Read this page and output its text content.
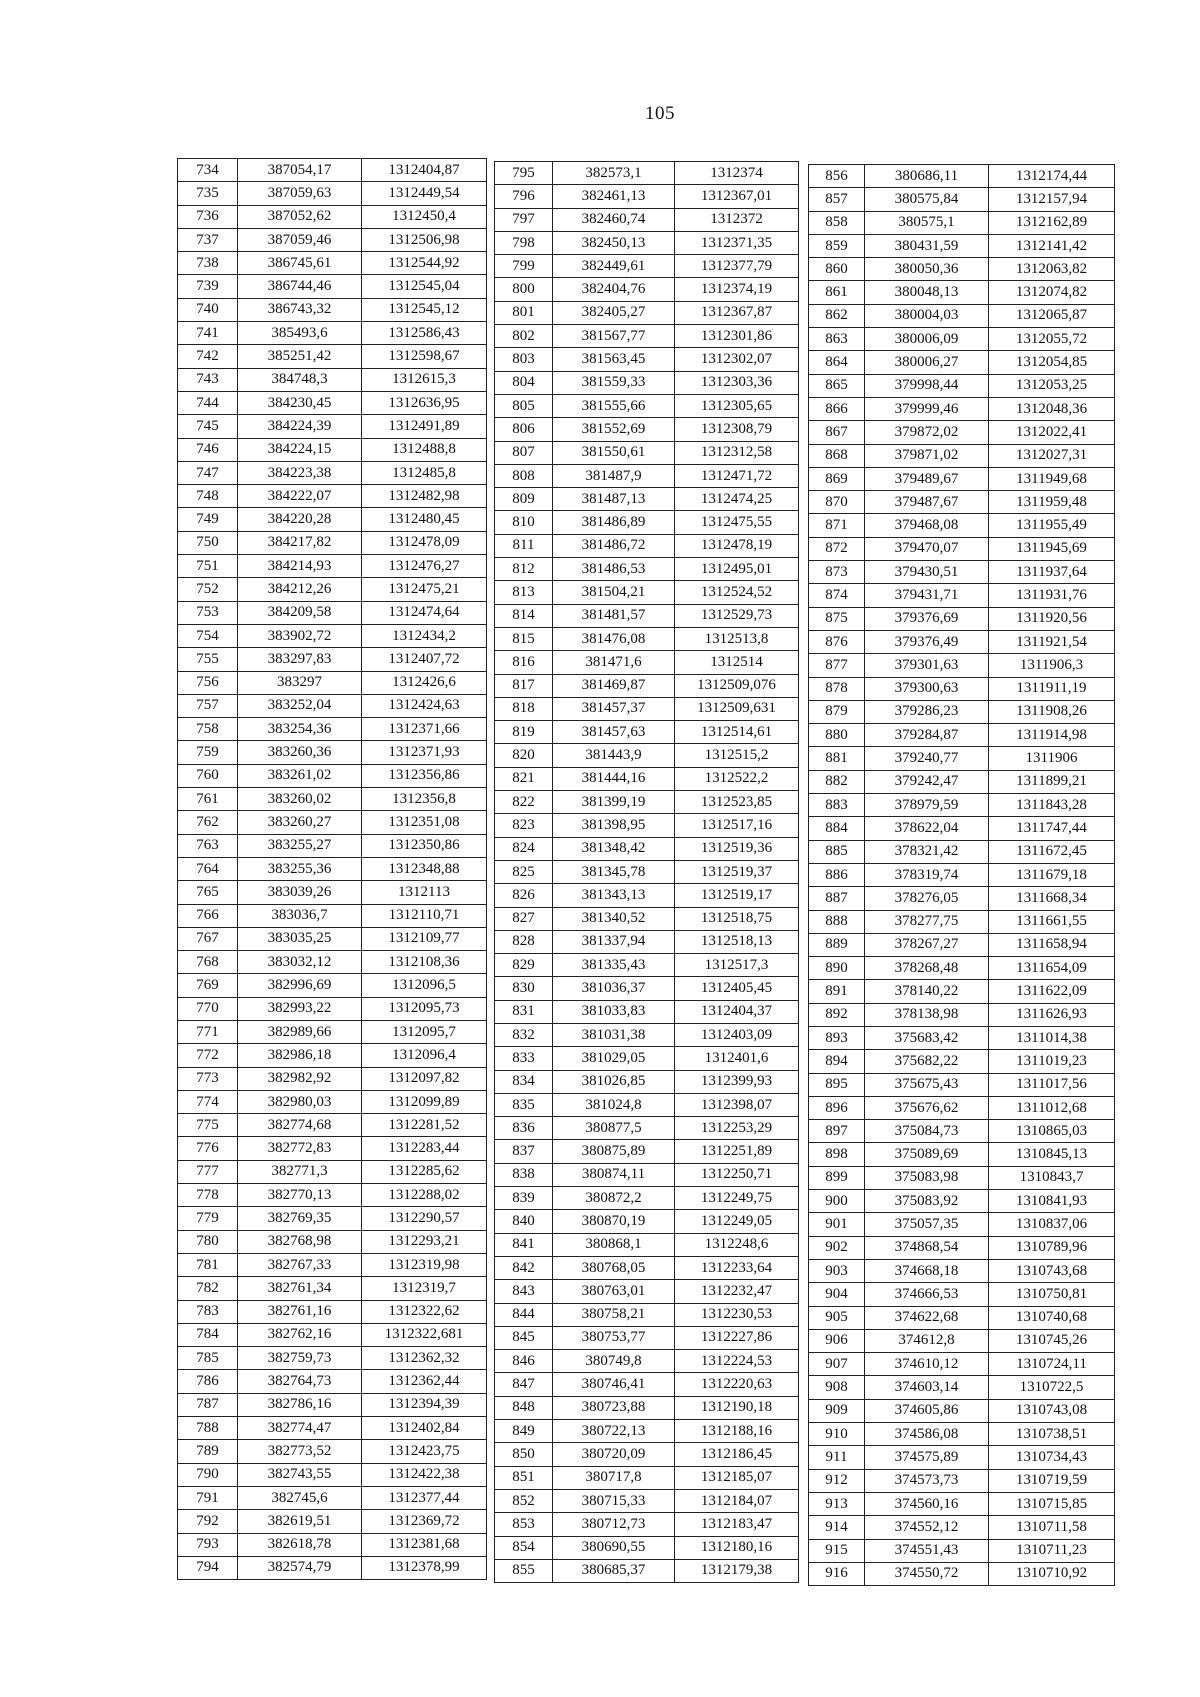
105
734	387054,17	1312404,87
735	387059,63	1312449,54
736	387052,62	1312450,4
737	387059,46	1312506,98
738	386745,61	1312544,92
739	386744,46	1312545,04
740	386743,32	1312545,12
741	385493,6	1312586,43
742	385251,42	1312598,67
743	384748,3	1312615,3
744	384230,45	1312636,95
745	384224,39	1312491,89
746	384224,15	1312488,8
747	384223,38	1312485,8
748	384222,07	1312482,98
749	384220,28	1312480,45
750	384217,82	1312478,09
751	384214,93	1312476,27
752	384212,26	1312475,21
753	384209,58	1312474,64
754	383902,72	1312434,2
755	383297,83	1312407,72
756	383297	1312426,6
757	383252,04	1312424,63
758	383254,36	1312371,66
759	383260,36	1312371,93
760	383261,02	1312356,86
761	383260,02	1312356,8
762	383260,27	1312351,08
763	383255,27	1312350,86
764	383255,36	1312348,88
765	383039,26	1312113
766	383036,7	1312110,71
767	383035,25	1312109,77
768	383032,12	1312108,36
769	382996,69	1312096,5
770	382993,22	1312095,73
771	382989,66	1312095,7
772	382986,18	1312096,4
773	382982,92	1312097,82
774	382980,03	1312099,89
775	382774,68	1312281,52
776	382772,83	1312283,44
777	382771,3	1312285,62
778	382770,13	1312288,02
779	382769,35	1312290,57
780	382768,98	1312293,21
781	382767,33	1312319,98
782	382761,34	1312319,7
783	382761,16	1312322,62
784	382762,16	1312322,681
785	382759,73	1312362,32
786	382764,73	1312362,44
787	382786,16	1312394,39
788	382774,47	1312402,84
789	382773,52	1312423,75
790	382743,55	1312422,38
791	382745,6	1312377,44
792	382619,51	1312369,72
793	382618,78	1312381,68
794	382574,79	1312378,99
795	382573,1	1312374
796	382461,13	1312367,01
797	382460,74	1312372
798	382450,13	1312371,35
799	382449,61	1312377,79
800	382404,76	1312374,19
801	382405,27	1312367,87
802	381567,77	1312301,86
803	381563,45	1312302,07
804	381559,33	1312303,36
805	381555,66	1312305,65
806	381552,69	1312308,79
807	381550,61	1312312,58
808	381487,9	1312471,72
809	381487,13	1312474,25
810	381486,89	1312475,55
811	381486,72	1312478,19
812	381486,53	1312495,01
813	381504,21	1312524,52
814	381481,57	1312529,73
815	381476,08	1312513,8
816	381471,6	1312514
817	381469,87	1312509,076
818	381457,37	1312509,631
819	381457,63	1312514,61
820	381443,9	1312515,2
821	381444,16	1312522,2
822	381399,19	1312523,85
823	381398,95	1312517,16
824	381348,42	1312519,36
825	381345,78	1312519,37
826	381343,13	1312519,17
827	381340,52	1312518,75
828	381337,94	1312518,13
829	381335,43	1312517,3
830	381036,37	1312405,45
831	381033,83	1312404,37
832	381031,38	1312403,09
833	381029,05	1312401,6
834	381026,85	1312399,93
835	381024,8	1312398,07
836	380877,5	1312253,29
837	380875,89	1312251,89
838	380874,11	1312250,71
839	380872,2	1312249,75
840	380870,19	1312249,05
841	380868,1	1312248,6
842	380768,05	1312233,64
843	380763,01	1312232,47
844	380758,21	1312230,53
845	380753,77	1312227,86
846	380749,8	1312224,53
847	380746,41	1312220,63
848	380723,88	1312190,18
849	380722,13	1312188,16
850	380720,09	1312186,45
851	380717,8	1312185,07
852	380715,33	1312184,07
853	380712,73	1312183,47
854	380690,55	1312180,16
855	380685,37	1312179,38
856	380686,11	1312174,44
857	380575,84	1312157,94
858	380575,1	1312162,89
859	380431,59	1312141,42
860	380050,36	1312063,82
861	380048,13	1312074,82
862	380004,03	1312065,87
863	380006,09	1312055,72
864	380006,27	1312054,85
865	379998,44	1312053,25
866	379999,46	1312048,36
867	379872,02	1312022,41
868	379871,02	1312027,31
869	379489,67	1311949,68
870	379487,67	1311959,48
871	379468,08	1311955,49
872	379470,07	1311945,69
873	379430,51	1311937,64
874	379431,71	1311931,76
875	379376,69	1311920,56
876	379376,49	1311921,54
877	379301,63	1311906,3
878	379300,63	1311911,19
879	379286,23	1311908,26
880	379284,87	1311914,98
881	379240,77	1311906
882	379242,47	1311899,21
883	378979,59	1311843,28
884	378622,04	1311747,44
885	378321,42	1311672,45
886	378319,74	1311679,18
887	378276,05	1311668,34
888	378277,75	1311661,55
889	378267,27	1311658,94
890	378268,48	1311654,09
891	378140,22	1311622,09
892	378138,98	1311626,93
893	375683,42	1311014,38
894	375682,22	1311019,23
895	375675,43	1311017,56
896	375676,62	1311012,68
897	375084,73	1310865,03
898	375089,69	1310845,13
899	375083,98	1310843,7
900	375083,92	1310841,93
901	375057,35	1310837,06
902	374868,54	1310789,96
903	374668,18	1310743,68
904	374666,53	1310750,81
905	374622,68	1310740,68
906	374612,8	1310745,26
907	374610,12	1310724,11
908	374603,14	1310722,5
909	374605,86	1310743,08
910	374586,08	1310738,51
911	374575,89	1310734,43
912	374573,73	1310719,59
913	374560,16	1310715,85
914	374552,12	1310711,58
915	374551,43	1310711,23
916	374550,72	1310710,92
